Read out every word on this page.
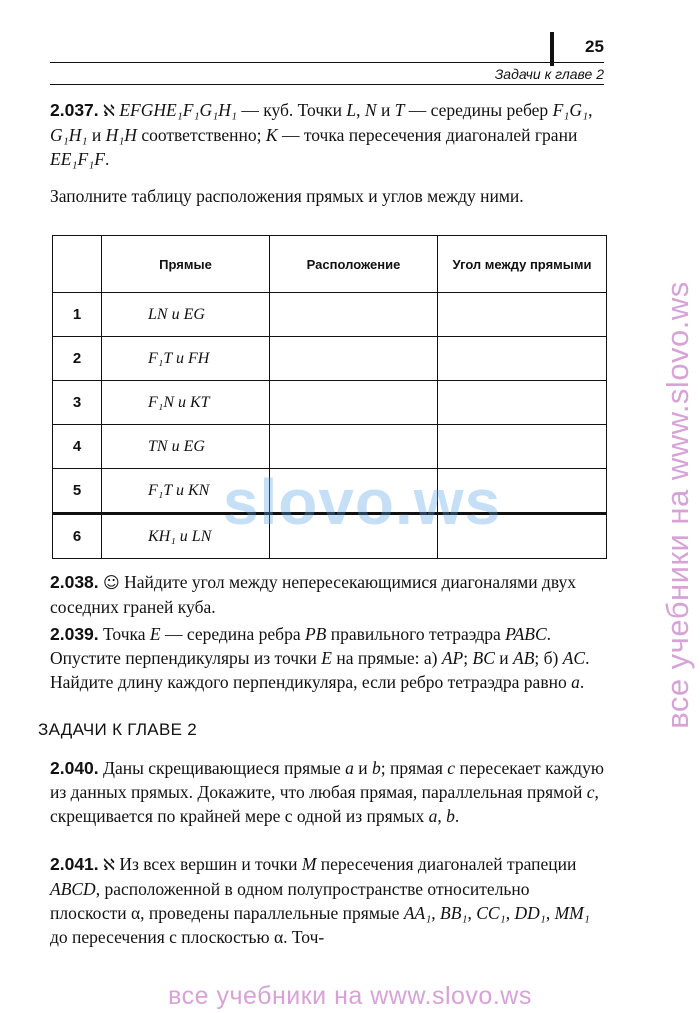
25
Задачи к главе 2

2.037. ℵ EFGHE₁F₁G₁H₁ — куб. Точки L, N и T — середины ребер F₁G₁, G₁H₁ и H₁H соответственно; K — точка пересечения диагоналей грани EE₁F₁F.

Заполните таблицу расположения прямых и углов между ними.

	Прямые	Расположение	Угол между прямыми
1	LN и EG		
2	F₁T и FH		
3	F₁N и KT		
4	TN и EG		
5	F₁T и KN		
6	KH₁ и LN		

2.038. ☺ Найдите угол между непересекающимися диагоналями двух соседних граней куба.

2.039. Точка E — середина ребра PB правильного тетраэдра PABC. Опустите перпендикуляры из точки E на прямые: а) AP; BC и AB; б) AC. Найдите длину каждого перпендикуляра, если ребро тетраэдра равно a.

ЗАДАЧИ К ГЛАВЕ 2

2.040. Даны скрещивающиеся прямые a и b; прямая c пересекает каждую из данных прямых. Докажите, что любая прямая, параллельная прямой c, скрещивается по крайней мере с одной из прямых a, b.

2.041. ℵ Из всех вершин и точки M пересечения диагоналей трапеции ABCD, расположенной в одном полупространстве относительно плоскости α, проведены параллельные прямые AA₁, BB₁, CC₁, DD₁, MM₁ до пересечения с плоскостью α. Точ-

slovo.ws	все учебники на www.slovo.ws
все учебники на www.slovo.ws
